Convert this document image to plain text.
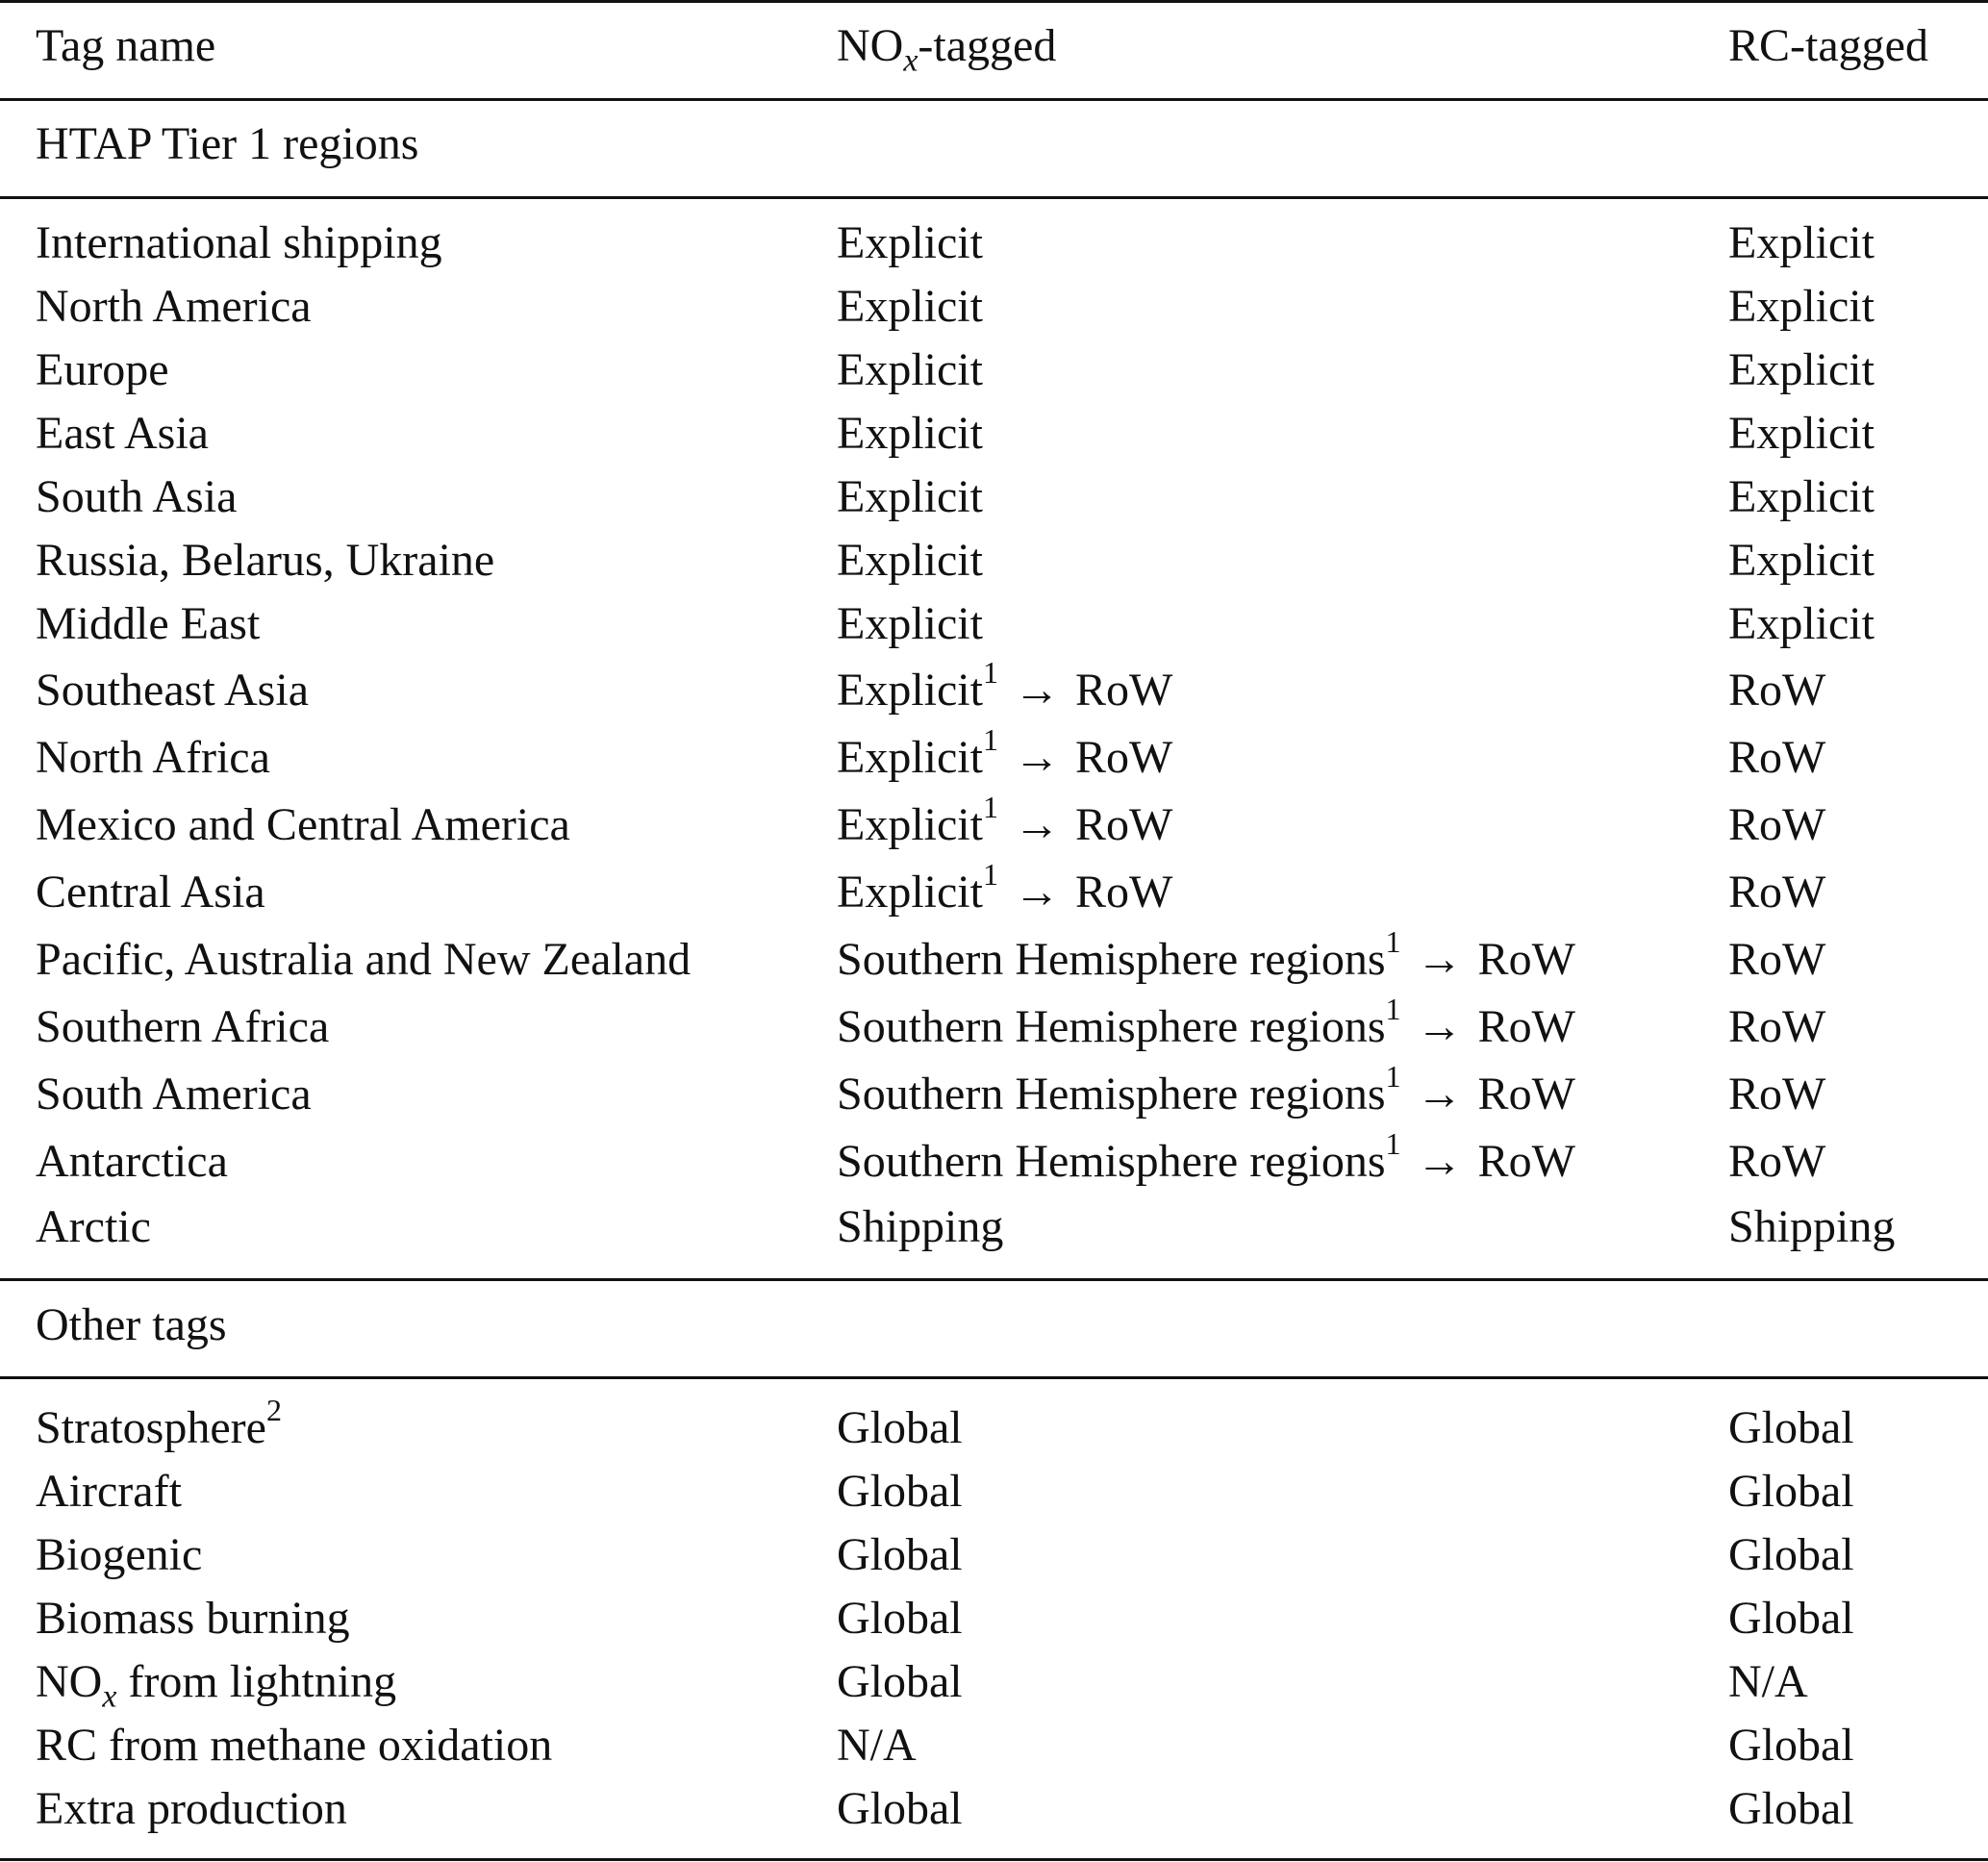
Tag name	$NO_x$-tagged	RC-tagged
HTAP Tier 1 regions
International shipping	Explicit	Explicit
North America	Explicit	Explicit
Europe	Explicit	Explicit
East Asia	Explicit	Explicit
South Asia	Explicit	Explicit
Russia, Belarus, Ukraine	Explicit	Explicit
Middle East	Explicit	Explicit
Southeast Asia	Explicit$^1$ → RoW	RoW
North Africa	Explicit$^1$ → RoW	RoW
Mexico and Central America	Explicit$^1$ → RoW	RoW
Central Asia	Explicit$^1$ → RoW	RoW
Pacific, Australia and New Zealand	Southern Hemisphere regions$^1$ → RoW	RoW
Southern Africa	Southern Hemisphere regions$^1$ → RoW	RoW
South America	Southern Hemisphere regions$^1$ → RoW	RoW
Antarctica	Southern Hemisphere regions$^1$ → RoW	RoW
Arctic	Shipping	Shipping
Other tags
Stratosphere$^2$	Global	Global
Aircraft	Global	Global
Biogenic	Global	Global
Biomass burning	Global	Global
$NO_x$ from lightning	Global	N/A
RC from methane oxidation	N/A	Global
Extra production	Global	Global
